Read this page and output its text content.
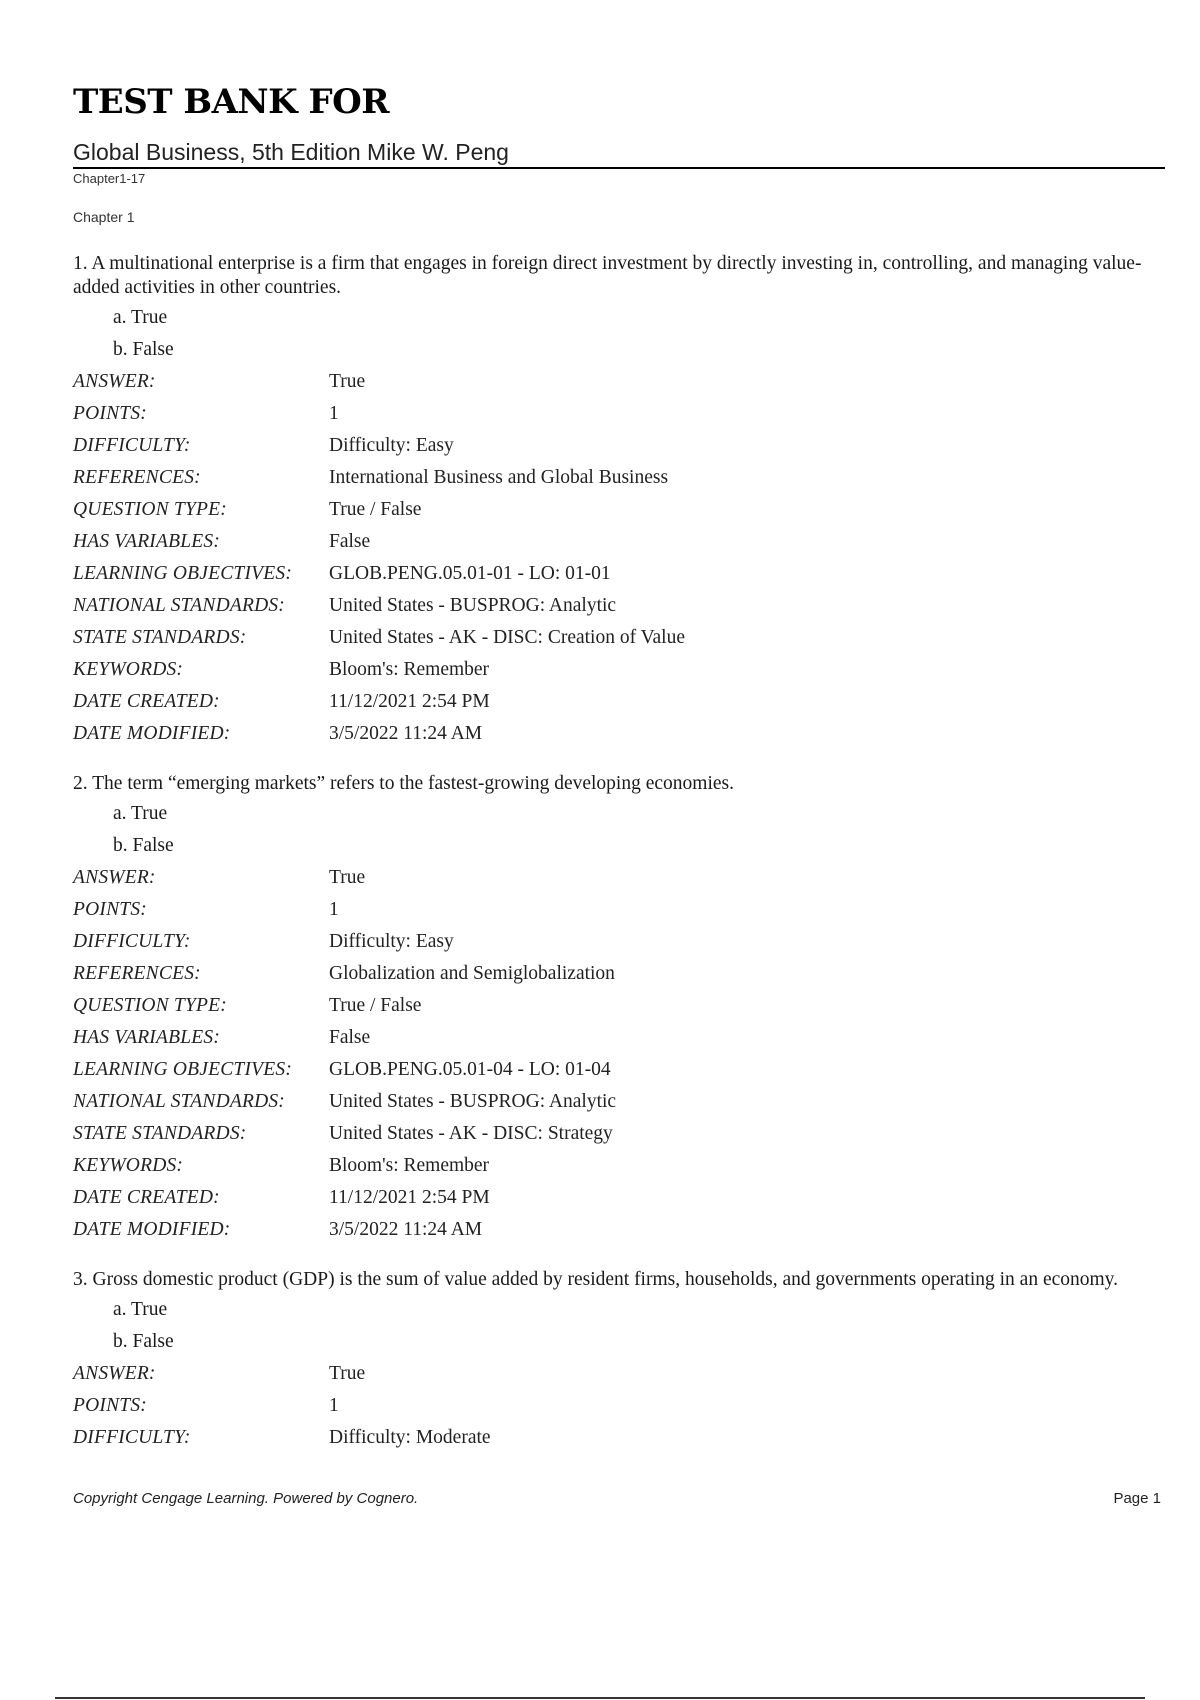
TEST BANK FOR
Global Business, 5th Edition Mike W. Peng
Chapter1-17
Chapter 1
1. A multinational enterprise is a firm that engages in foreign direct investment by directly investing in, controlling, and managing value-added activities in other countries.
a. True
b. False
ANSWER:	True
POINTS:	1
DIFFICULTY:	Difficulty: Easy
REFERENCES:	International Business and Global Business
QUESTION TYPE:	True / False
HAS VARIABLES:	False
LEARNING OBJECTIVES:	GLOB.PENG.05.01-01 - LO: 01-01
NATIONAL STANDARDS:	United States - BUSPROG: Analytic
STATE STANDARDS:	United States - AK - DISC: Creation of Value
KEYWORDS:	Bloom's: Remember
DATE CREATED:	11/12/2021 2:54 PM
DATE MODIFIED:	3/5/2022 11:24 AM
2. The term “emerging markets” refers to the fastest-growing developing economies.
a. True
b. False
ANSWER:	True
POINTS:	1
DIFFICULTY:	Difficulty: Easy
REFERENCES:	Globalization and Semiglobalization
QUESTION TYPE:	True / False
HAS VARIABLES:	False
LEARNING OBJECTIVES:	GLOB.PENG.05.01-04 - LO: 01-04
NATIONAL STANDARDS:	United States - BUSPROG: Analytic
STATE STANDARDS:	United States - AK - DISC: Strategy
KEYWORDS:	Bloom's: Remember
DATE CREATED:	11/12/2021 2:54 PM
DATE MODIFIED:	3/5/2022 11:24 AM
3. Gross domestic product (GDP) is the sum of value added by resident firms, households, and governments operating in an economy.
a. True
b. False
ANSWER:	True
POINTS:	1
DIFFICULTY:	Difficulty: Moderate
Copyright Cengage Learning. Powered by Cognero.	Page 1
